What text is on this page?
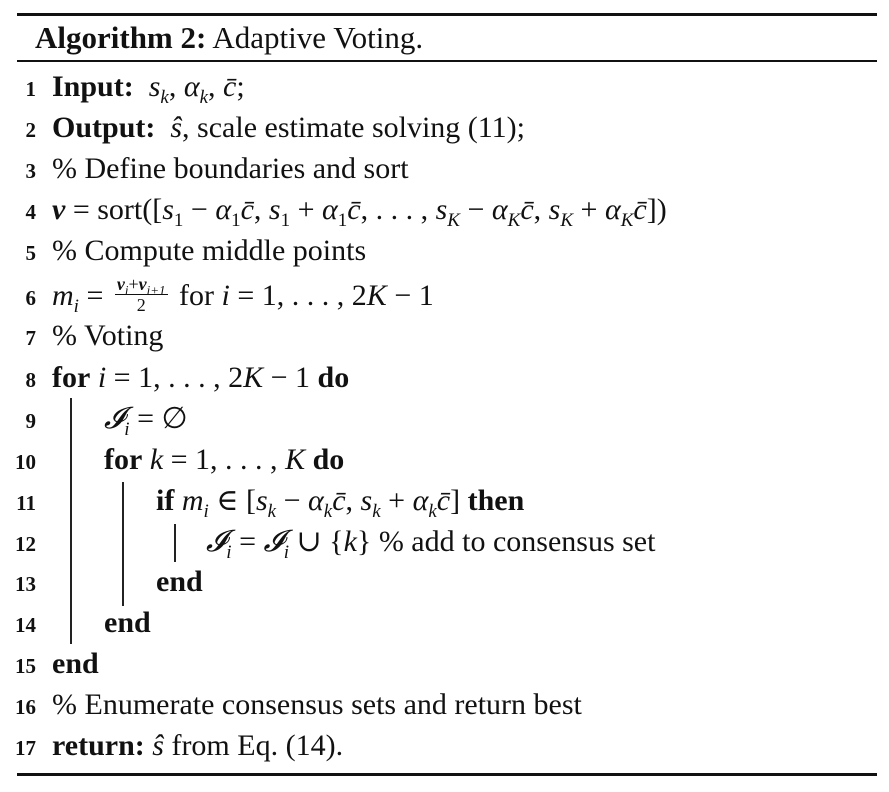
Algorithm 2: Adaptive Voting.
1 Input: $s_k$, $\alpha_k$, c̄;
2 Output: ŝ, scale estimate solving (11);
3 % Define boundaries and sort
4 $v = sort([s_1$ − $\alpha_1c̄$, $s_1$ + $\alpha_1c̄$, . . . , $s_K$ − $\alpha_Kc̄$, $s_K$ + $\alpha_Kc̄$])
5 % Compute middle points
6 $m_i = \frac{v_i+v_{i+1}}{2}$ for i = 1, . . . , 2K − 1
7 % Voting
8 for i = 1, . . . , 2K − 1 do
9 𝓘$_i$ = ∅
10 for k = 1, . . . , K do
11	if $m_i$ ∈ [$s_k$ − $\alpha_kc̄$, $s_k$ + $\alpha_kc̄$] then
12	𝓘$_i$ = 𝓘$_i$ ∪ {k} % add to consensus set
13	end
14 end
15 end
16 % Enumerate consensus sets and return best
17 return: ŝ from Eq. (14).
